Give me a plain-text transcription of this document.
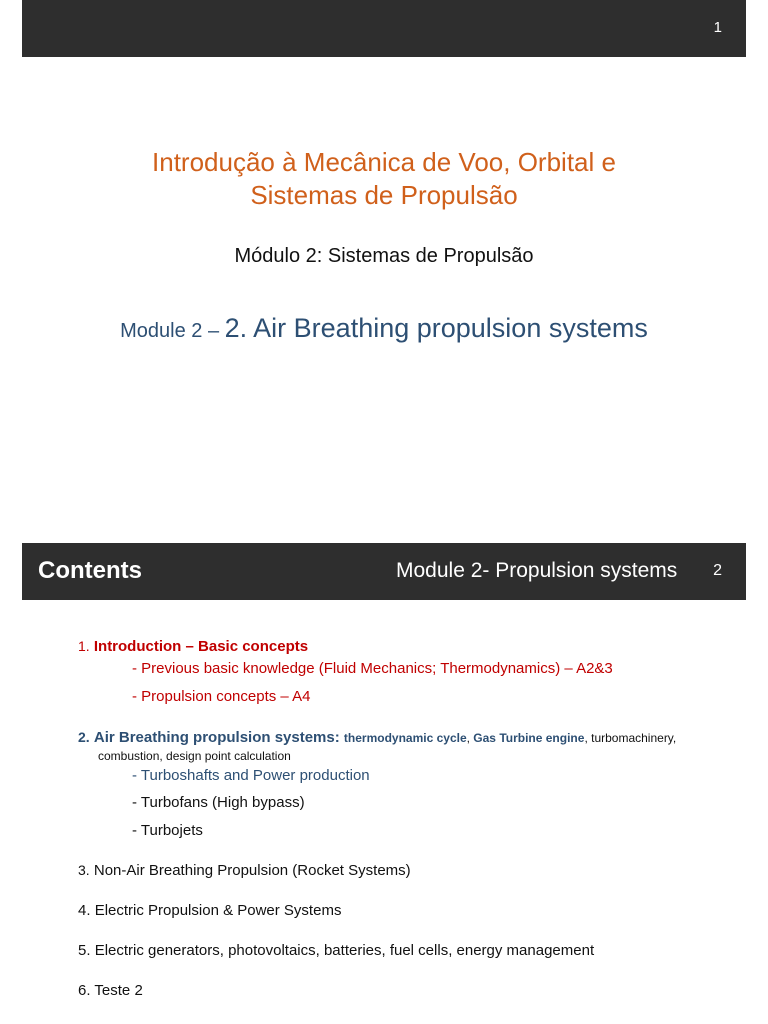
1
Introdução à Mecânica de Voo, Orbital e
Sistemas de Propulsão
Módulo 2: Sistemas de Propulsão
Module 2 – 2. Air Breathing propulsion systems
Contents	Module 2- Propulsion systems 2
1. Introduction – Basic concepts
- Previous basic knowledge (Fluid Mechanics; Thermodynamics) – A2&3
- Propulsion concepts – A4
2. Air Breathing propulsion systems: thermodynamic cycle, Gas Turbine engine, turbomachinery,
combustion, design point calculation
- Turboshafts and Power production
- Turbofans (High bypass)
- Turbojets
3. Non-Air Breathing Propulsion (Rocket Systems)
4. Electric Propulsion & Power Systems
5. Electric generators, photovoltaics, batteries, fuel cells, energy management
6. Teste 2
